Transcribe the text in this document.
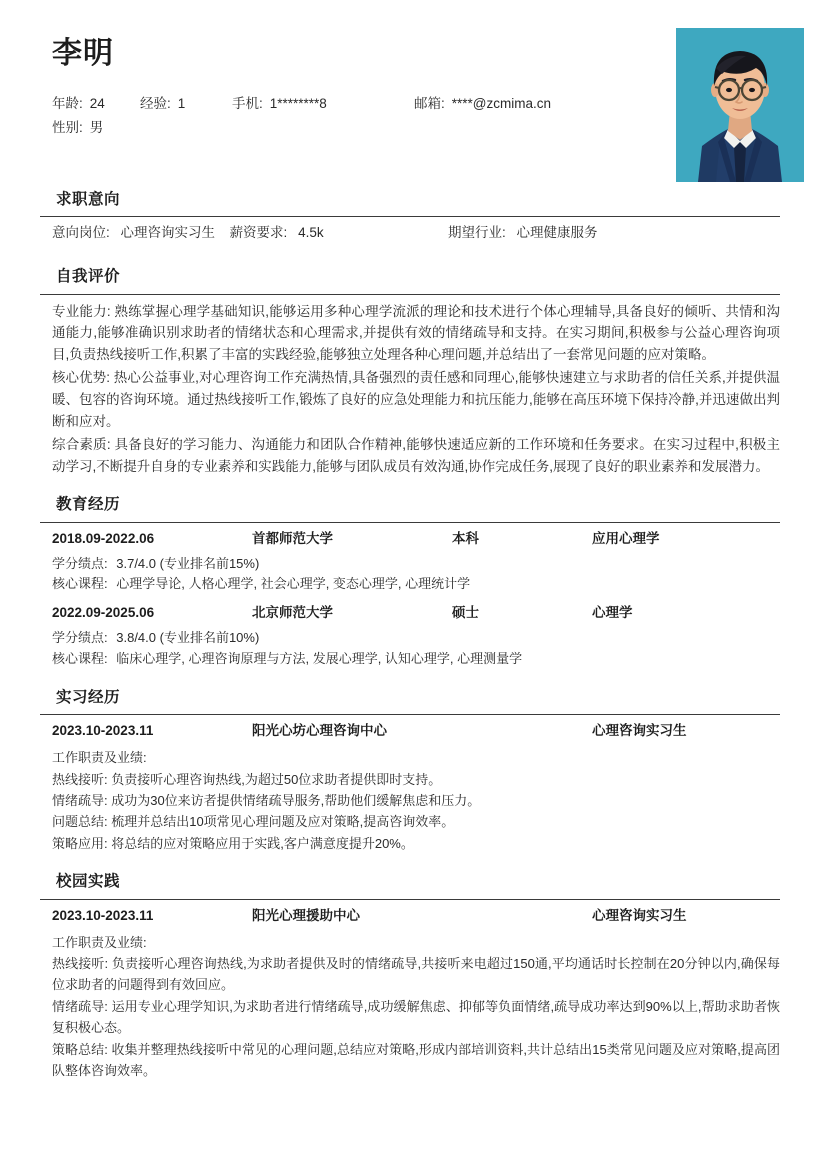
李明
年龄: 24	经验: 1	手机: 1********8	邮箱: ****@zcmima.cn
性别: 男
求职意向
意向岗位: 心理咨询实习生 薪资要求: 4.5k	期望行业: 心理健康服务
自我评价

专业能力: 熟练掌握心理学基础知识,能够运用多种心理学流派的理论和技术进行个体心理辅导,具备良好的倾听、共情和沟通能力,能够准确识别求助者的情绪状态和心理需求,并提供有效的情绪疏导和支持。在实习期间,积极参与公益心理咨询项目,负责热线接听工作,积累了丰富的实践经验,能够独立处理各种心理问题,并总结出了一套常见问题的应对策略。

核心优势: 热心公益事业,对心理咨询工作充满热情,具备强烈的责任感和同理心,能够快速建立与求助者的信任关系,并提供温暖、包容的咨询环境。通过热线接听工作,锻炼了良好的应急处理能力和抗压能力,能够在高压环境下保持冷静,并迅速做出判断和应对。

综合素质: 具备良好的学习能力、沟通能力和团队合作精神,能够快速适应新的工作环境和任务要求。在实习过程中,积极主动学习,不断提升自身的专业素养和实践能力,能够与团队成员有效沟通,协作完成任务,展现了良好的职业素养和发展潜力。

教育经历
2018.09-2022.06	首都师范大学	本科	应用心理学
学分绩点: 3.7/4.0 (专业排名前15%)
核心课程: 心理学导论, 人格心理学, 社会心理学, 变态心理学, 心理统计学
2022.09-2025.06	北京师范大学	硕士	心理学
学分绩点: 3.8/4.0 (专业排名前10%)
核心课程: 临床心理学, 心理咨询原理与方法, 发展心理学, 认知心理学, 心理测量学
实习经历
2023.10-2023.11	阳光心坊心理咨询中心	心理咨询实习生
工作职责及业绩:
热线接听: 负责接听心理咨询热线,为超过50位求助者提供即时支持。
情绪疏导: 成功为30位来访者提供情绪疏导服务,帮助他们缓解焦虑和压力。
问题总结: 梳理并总结出10项常见心理问题及应对策略,提高咨询效率。
策略应用: 将总结的应对策略应用于实践,客户满意度提升20%。
校园实践
2023.10-2023.11	阳光心理援助中心	心理咨询实习生
工作职责及业绩:
热线接听: 负责接听心理咨询热线,为求助者提供及时的情绪疏导,共接听来电超过150通,平均通话时长控制在20分钟以内,确保每位求助者的问题得到有效回应。
情绪疏导: 运用专业心理学知识,为求助者进行情绪疏导,成功缓解焦虑、抑郁等负面情绪,疏导成功率达到90%以上,帮助求助者恢复积极心态。
策略总结: 收集并整理热线接听中常见的心理问题,总结应对策略,形成内部培训资料,共计总结出15类常见问题及应对策略,提高团队整体咨询效率。
